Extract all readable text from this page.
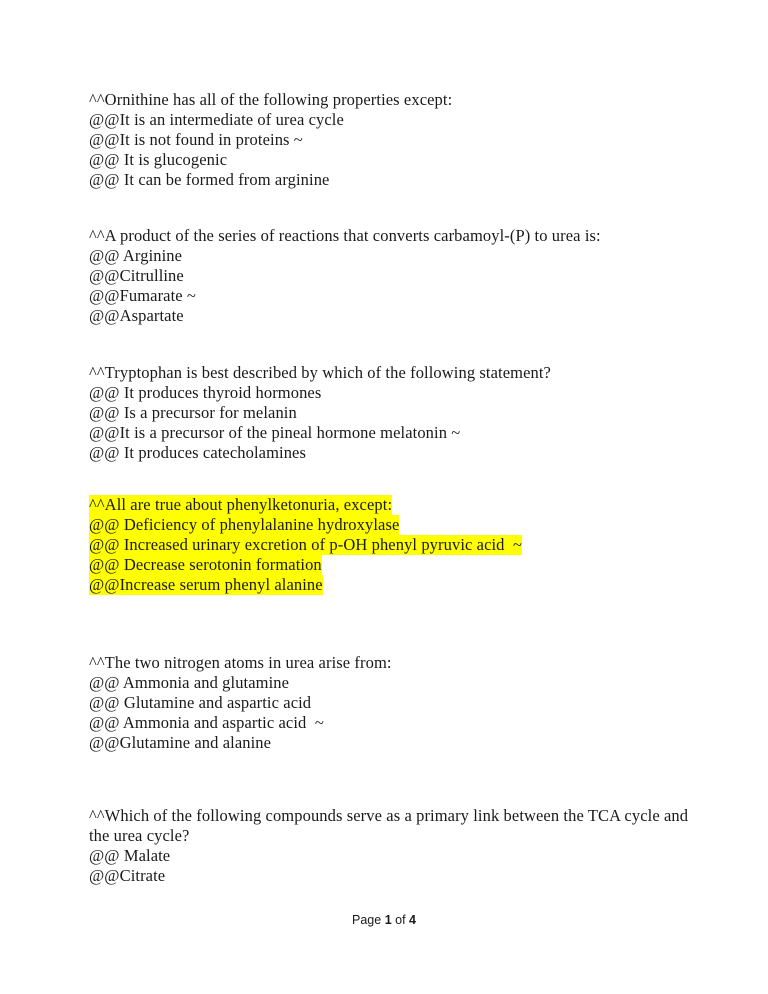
^^Ornithine has all of the following properties except:
@@It is an intermediate of urea cycle
@@It is not found in proteins ~
@@ It is glucogenic
@@ It can be formed from arginine
^^A product of the series of reactions that converts carbamoyl-(P) to urea is:
@@ Arginine
@@Citrulline
@@Fumarate ~
@@Aspartate
^^Tryptophan is best described by which of the following statement?
@@ It produces thyroid hormones
@@ Is a precursor for melanin
@@It is a precursor of the pineal hormone melatonin ~
@@ It produces catecholamines
^^All are true about phenylketonuria, except:
@@ Deficiency of phenylalanine hydroxylase
@@ Increased urinary excretion of p-OH phenyl pyruvic acid  ~
@@ Decrease serotonin formation
@@Increase serum phenyl alanine
^^The two nitrogen atoms in urea arise from:
@@ Ammonia and glutamine
@@ Glutamine and aspartic acid
@@ Ammonia and aspartic acid  ~
@@Glutamine and alanine
^^Which of the following compounds serve as a primary link between the TCA cycle and the urea cycle?
@@ Malate
@@Citrate
Page 1 of 4
